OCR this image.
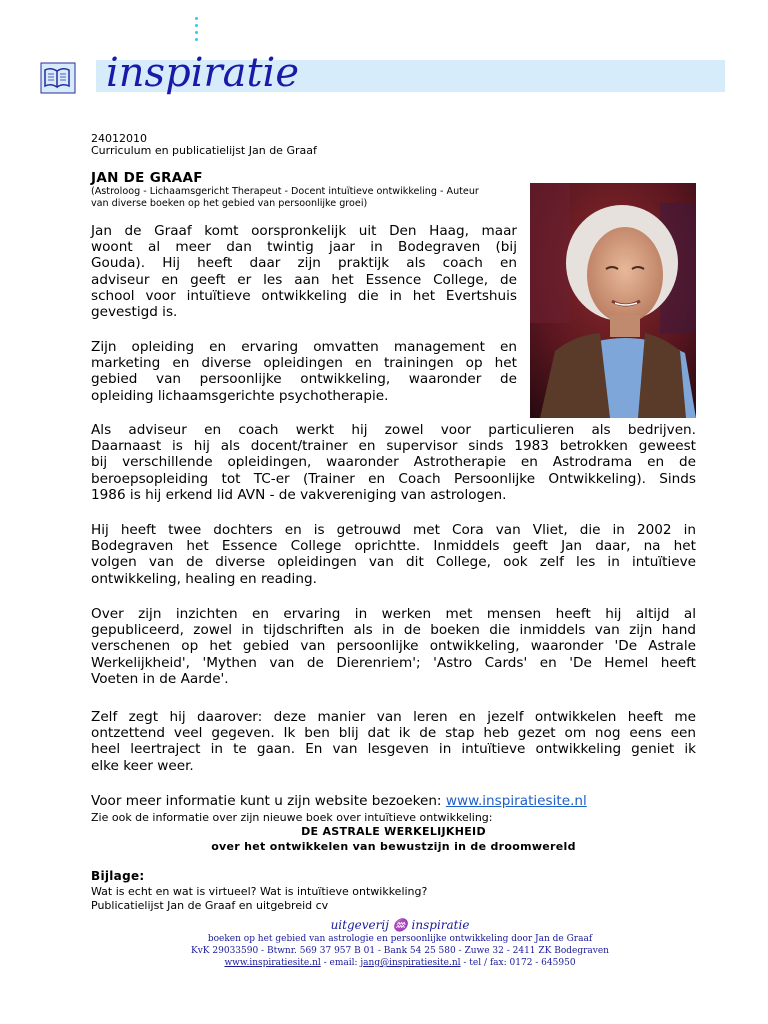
inspiratie
24012010
Curriculum en publicatielijst Jan de Graaf
JAN DE GRAAF
(Astroloog - Lichaamsgericht Therapeut - Docent intuïtieve ontwikkeling - Auteur
van diverse boeken op het gebied van persoonlijke groei)
Jan de Graaf komt oorspronkelijk uit Den Haag, maar
woont al meer dan twintig jaar in Bodegraven (bij
Gouda). Hij heeft daar zijn praktijk als coach en
adviseur en geeft er les aan het Essence College, de
school voor intuïtieve ontwikkeling die in het Evertshuis
gevestigd is.
Zijn opleiding en ervaring omvatten management en
marketing en diverse opleidingen en trainingen op het
gebied van persoonlijke ontwikkeling, waaronder de
opleiding lichaamsgerichte psychotherapie.
Als adviseur en coach werkt hij zowel voor particulieren als bedrijven.
Daarnaast is hij als docent/trainer en supervisor sinds 1983 betrokken geweest
bij verschillende opleidingen, waaronder Astrotherapie en Astrodrama en de
beroepsopleiding tot TC-er (Trainer en Coach Persoonlijke Ontwikkeling). Sinds
1986 is hij erkend lid AVN - de vakvereniging van astrologen.
Hij heeft twee dochters en is getrouwd met Cora van Vliet, die in 2002 in
Bodegraven het Essence College oprichtte. Inmiddels geeft Jan daar, na het
volgen van de diverse opleidingen van dit College, ook zelf les in intuïtieve
ontwikkeling, healing en reading.
Over zijn inzichten en ervaring in werken met mensen heeft hij altijd al
gepubliceerd, zowel in tijdschriften als in de boeken die inmiddels van zijn hand
verschenen op het gebied van persoonlijke ontwikkeling, waaronder 'De Astrale
Werkelijkheid', 'Mythen van de Dierenriem'; 'Astro Cards' en 'De Hemel heeft
Voeten in de Aarde'.
Zelf zegt hij daarover: deze manier van leren en jezelf ontwikkelen heeft me
ontzettend veel gegeven. Ik ben blij dat ik de stap heb gezet om nog eens een
heel leertraject in te gaan. En van lesgeven in intuïtieve ontwikkeling geniet ik
elke keer weer.
Voor meer informatie kunt u zijn website bezoeken: www.inspiratiesite.nl
Zie ook de informatie over zijn nieuwe boek over intuïtieve ontwikkeling:
DE ASTRALE WERKELIJKHEID
over het ontwikkelen van bewustzijn in de droomwereld
Bijlage:
Wat is echt en wat is virtueel? Wat is intuïtieve ontwikkeling?
Publicatielijst Jan de Graaf en uitgebreid cv
uitgeverij ♒ inspiratie
boeken op het gebied van astrologie en persoonlijke ontwikkeling door Jan de Graaf
KvK 29033590 - Btwnr. 569 37 957 B 01 - Bank 54 25 580 - Zuwe 32 - 2411 ZK Bodegraven
www.inspiratiesite.nl - email: jang@inspiratiesite.nl - tel / fax: 0172 - 645950
